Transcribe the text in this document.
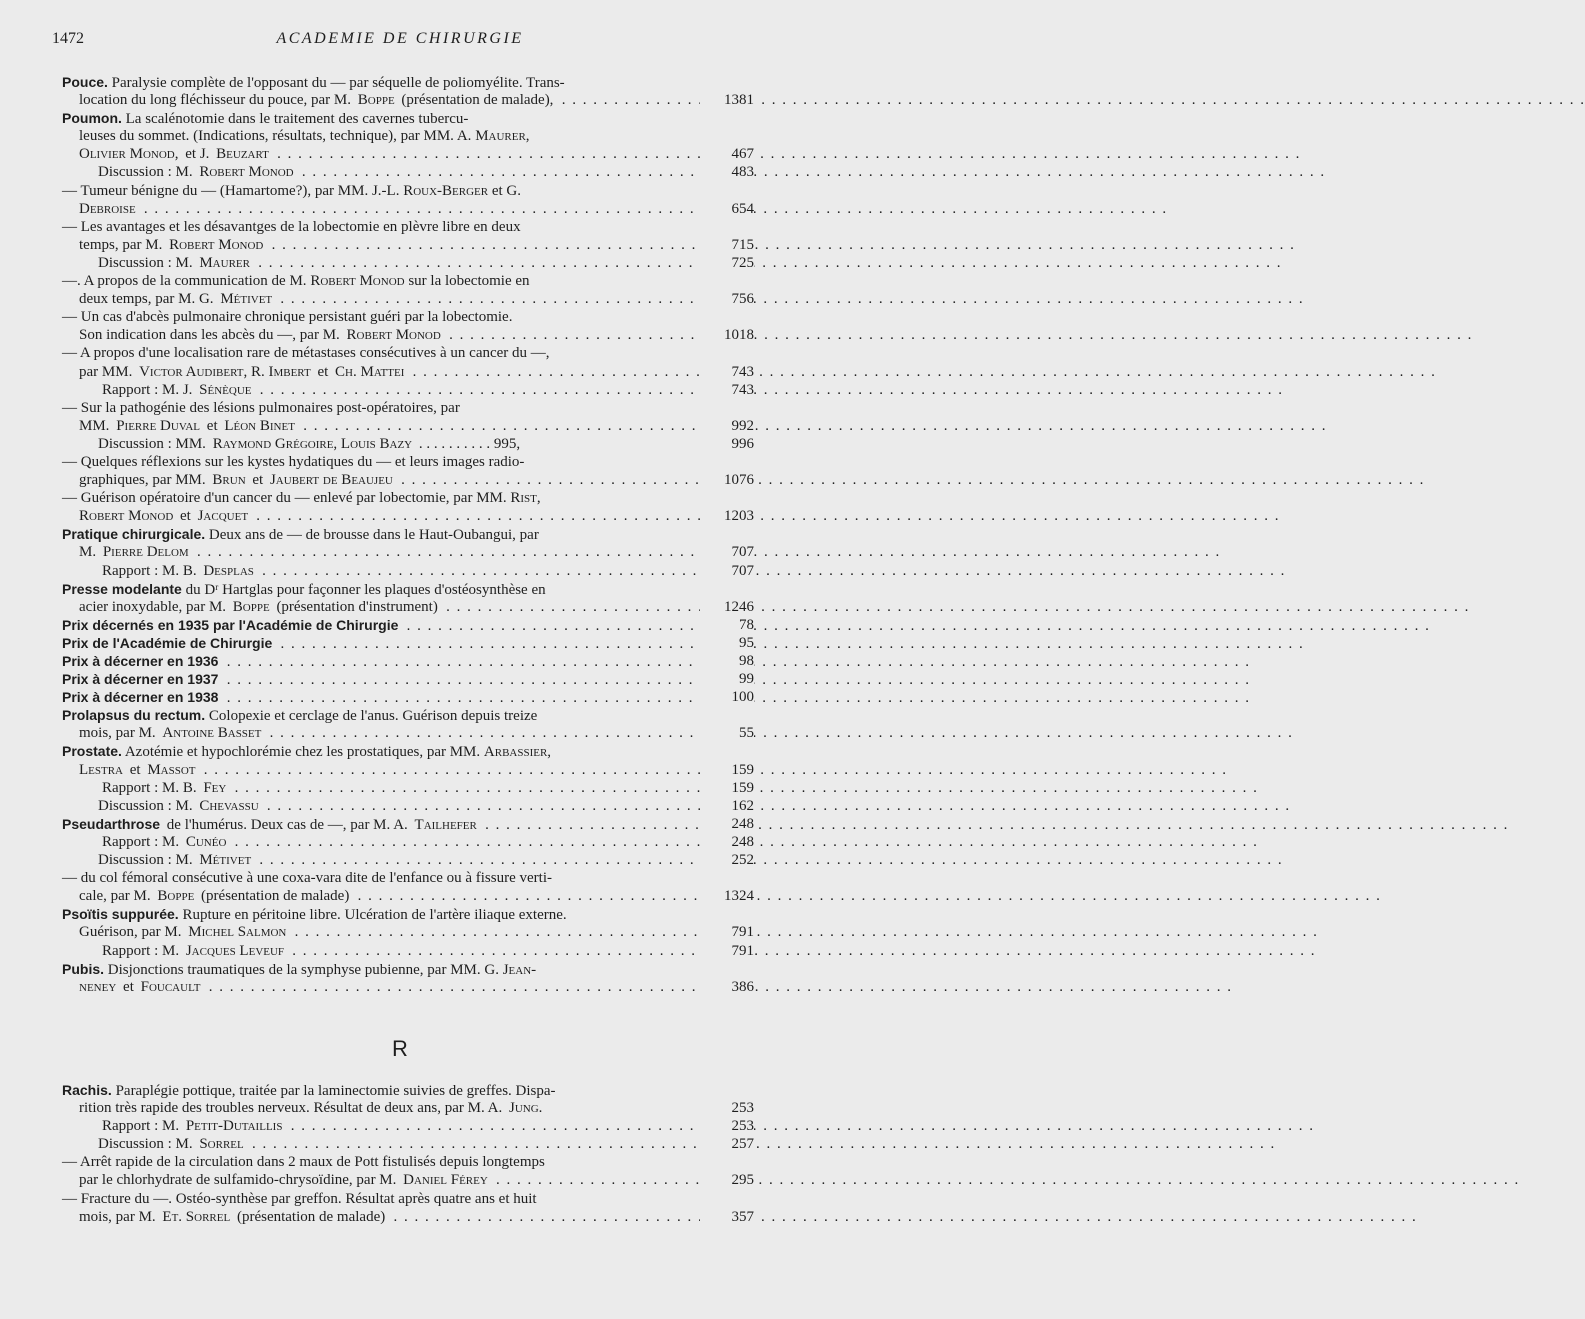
1472	ACADEMIE DE CHIRURGIE
Pouce. Paralysie complète de l'opposant du — par séquelle de poliomyélite. Trans-
location du long fléchisseur du pouce, par M. Boppe (présentation de malade),	1381
. . .
Poumon. La scalénotomie dans le traitement des cavernes tubercu-
leuses du sommet. (Indications, résultats, technique), par MM. A. Maurer,
Olivier Monod, et J. Beuzart	467
. . .
Discussion : M. Robert Monod	483
. . .
— Tumeur bénigne du — (Hamartome?), par MM. J.-L. Roux-Berger et G.
Debroise	654
. . .
— Les avantages et les désavantges de la lobectomie en plèvre libre en deux
temps, par M. Robert Monod	715
. . .
Discussion : M. Maurer	725
. . .
—. A propos de la communication de M. Robert Monod sur la lobectomie en
deux temps, par M. G. Métivet	756
. . .
— Un cas d'abcès pulmonaire chronique persistant guéri par la lobectomie.
Son indication dans les abcès du —, par M. Robert Monod	1018
. . .
— A propos d'une localisation rare de métastases consécutives à un cancer du —,
par MM. Victor Audibert, R. Imbert et Ch. Mattei	743
. . .
Rapport : M. J. Sénèque	743
. . .
— Sur la pathogénie des lésions pulmonaires post-opératoires, par
MM. Pierre Duval et Léon Binet	992
. . .
Discussion : MM. Raymond Grégoire, Louis Bazy . . . . . . . . . . 995,	996
— Quelques réflexions sur les kystes hydatiques du — et leurs images radio-
graphiques, par MM. Brun et Jaubert de Beaujeu	1076
. . .
— Guérison opératoire d'un cancer du — enlevé par lobectomie, par MM. Rist,
Robert Monod et Jacquet	1203
. . .
Pratique chirurgicale. Deux ans de — de brousse dans le Haut-Oubangui, par
M. Pierre Delom	707
. . .
Rapport : M. B. Desplas	707
. . .
Presse modelante du Dʳ Hartglas pour façonner les plaques d'ostéosynthèse en
acier inoxydable, par M. Boppe (présentation d'instrument)	1246
. . .
Prix décernés en 1935 par l'Académie de Chirurgie	78
. . .
Prix de l'Académie de Chirurgie	95
. . .
Prix à décerner en 1936	98
. . .
Prix à décerner en 1937	99
. . .
Prix à décerner en 1938	100
. . .
Prolapsus du rectum. Colopexie et cerclage de l'anus. Guérison depuis treize
mois, par M. Antoine Basset	55
. . .
Prostate. Azotémie et hypochlorémie chez les prostatiques, par MM. Arbassier,
Lestra et Massot	159
. . .
Rapport : M. B. Fey	159
. . .
Discussion : M. Chevassu	162
. . .
Pseudarthrose de l'humérus. Deux cas de —, par M. A. Tailhefer	248
. . .
Rapport : M. Cunéo	248
. . .
Discussion : M. Métivet	252
. . .
— du col fémoral consécutive à une coxa-vara dite de l'enfance ou à fissure verti-
cale, par M. Boppe (présentation de malade)	1324
. . .
Psoïtis suppurée. Rupture en péritoine libre. Ulcération de l'artère iliaque externe.
Guérison, par M. Michel Salmon	791
. . .
Rapport : M. Jacques Leveuf	791
. . .
Pubis. Disjonctions traumatiques de la symphyse pubienne, par MM. G. Jean-
neney et Foucault	386
. . .
R
Rachis. Paraplégie pottique, traitée par la laminectomie suivies de greffes. Dispa-
rition très rapide des troubles nerveux. Résultat de deux ans, par M. A. Jung.	253
Rapport : M. Petit-Dutaillis	253
. . .
Discussion : M. Sorrel	257
. . .
— Arrêt rapide de la circulation dans 2 maux de Pott fistulisés depuis longtemps
par le chlorhydrate de sulfamido-chrysoïdine, par M. Daniel Férey	295
. . .
— Fracture du —. Ostéo-synthèse par greffon. Résultat après quatre ans et huit
mois, par M. Et. Sorrel (présentation de malade)	357
. . .
